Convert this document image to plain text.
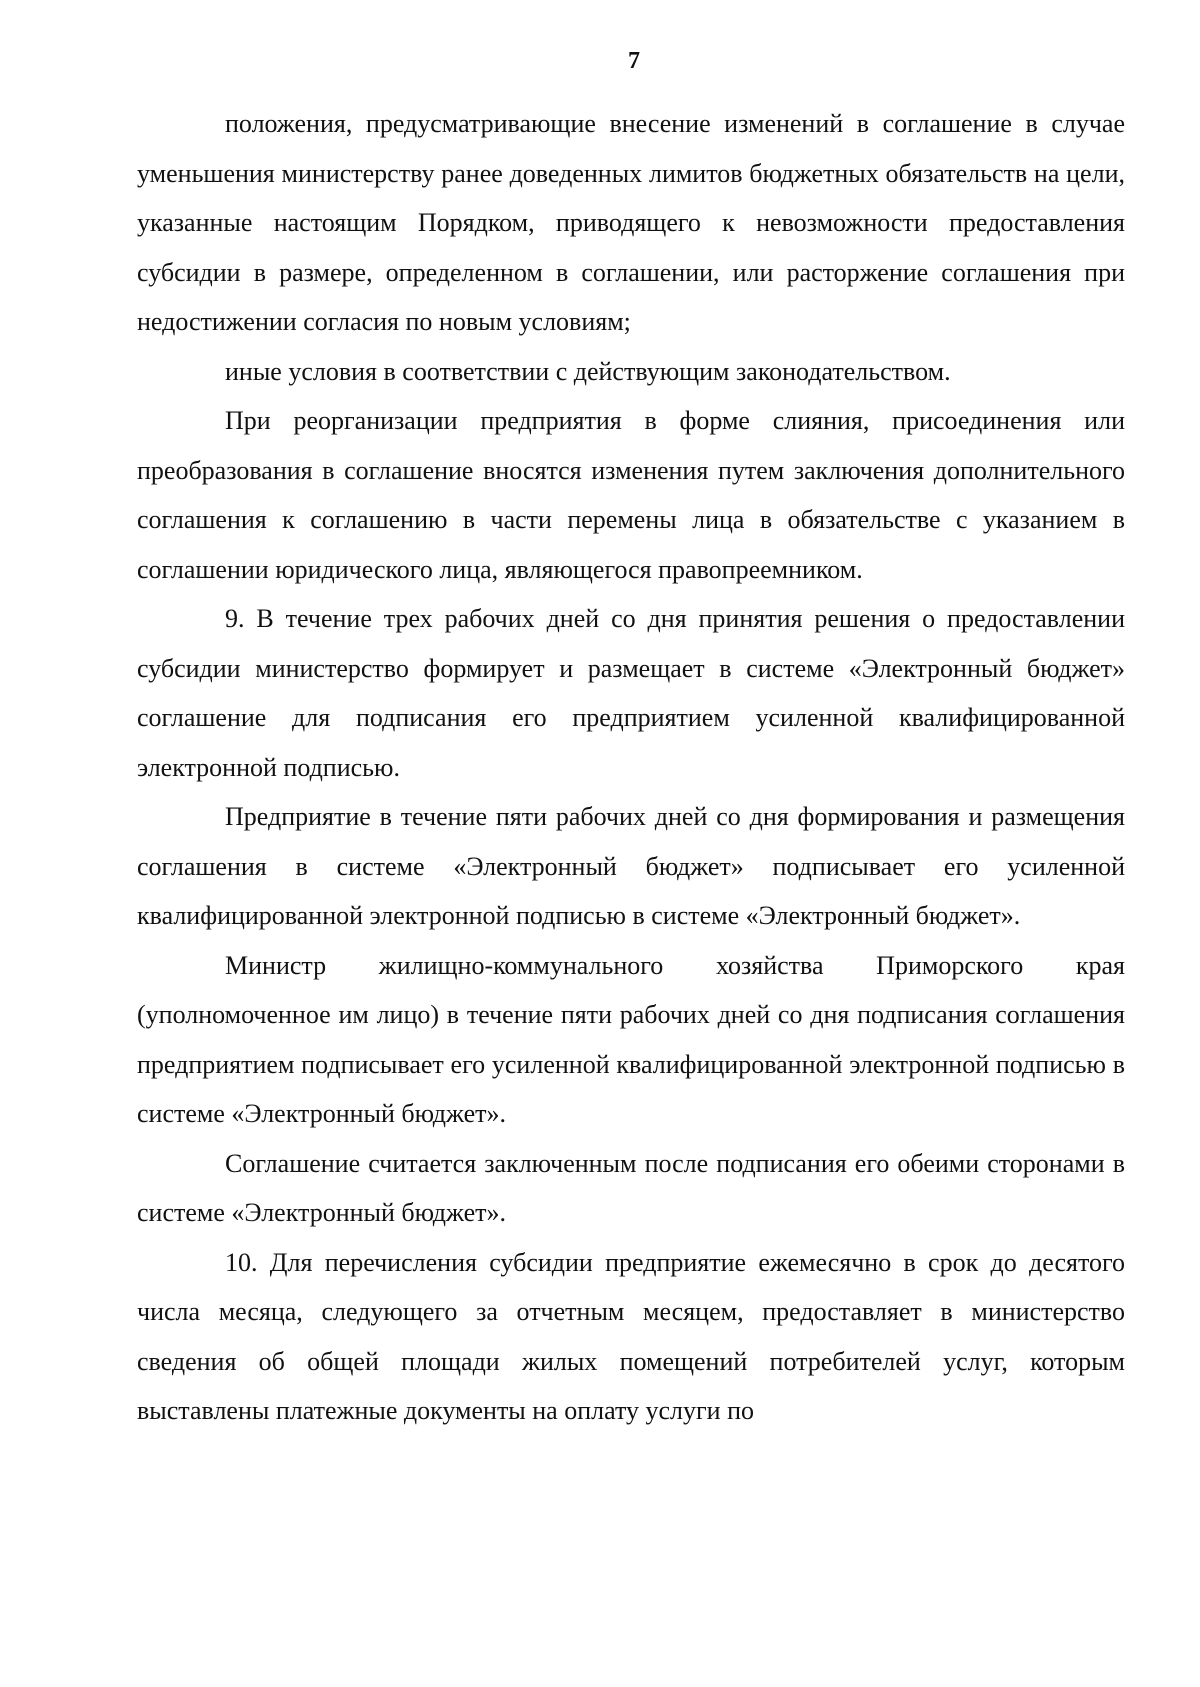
7

положения, предусматривающие внесение изменений в соглашение в случае уменьшения министерству ранее доведенных лимитов бюджетных обязательств на цели, указанные настоящим Порядком, приводящего к невозможности предоставления субсидии в размере, определенном в соглашении, или расторжение соглашения при недостижении согласия по новым условиям;

иные условия в соответствии с действующим законодательством.

При реорганизации предприятия в форме слияния, присоединения или преобразования в соглашение вносятся изменения путем заключения дополнительного соглашения к соглашению в части перемены лица в обязательстве с указанием в соглашении юридического лица, являющегося правопреемником.

9. В течение трех рабочих дней со дня принятия решения о предоставлении субсидии министерство формирует и размещает в системе «Электронный бюджет» соглашение для подписания его предприятием усиленной квалифицированной электронной подписью.

Предприятие в течение пяти рабочих дней со дня формирования и размещения соглашения в системе «Электронный бюджет» подписывает его усиленной квалифицированной электронной подписью в системе «Электронный бюджет».

Министр жилищно-коммунального хозяйства Приморского края (уполномоченное им лицо) в течение пяти рабочих дней со дня подписания соглашения предприятием подписывает его усиленной квалифицированной электронной подписью в системе «Электронный бюджет».

Соглашение считается заключенным после подписания его обеими сторонами в системе «Электронный бюджет».

10. Для перечисления субсидии предприятие ежемесячно в срок до десятого числа месяца, следующего за отчетным месяцем, предоставляет в министерство сведения об общей площади жилых помещений потребителей услуг, которым выставлены платежные документы на оплату услуги по
